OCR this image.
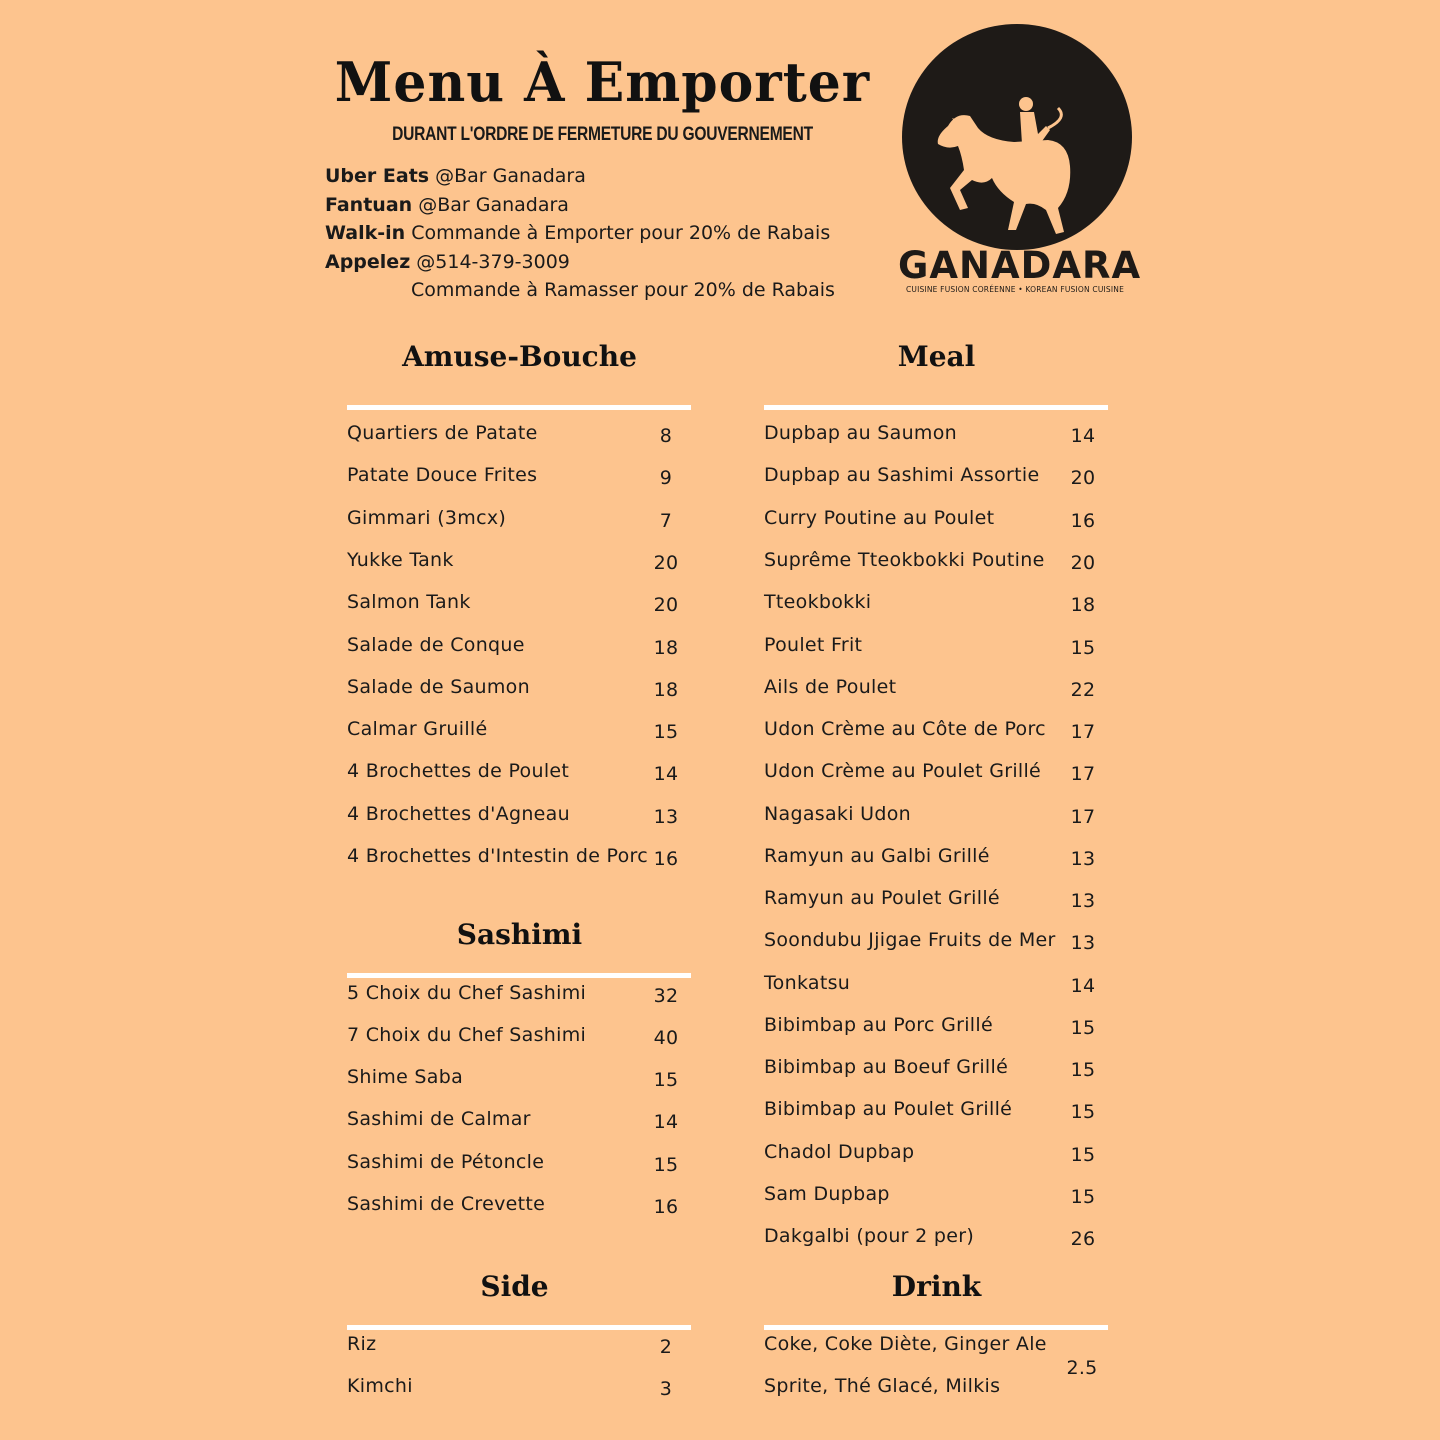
Menu À Emporter
DURANT L'ORDRE DE FERMETURE DU GOUVERNEMENT
Uber Eats @Bar Ganadara
Fantuan @Bar Ganadara
Walk-in Commande à Emporter pour 20% de Rabais
Appelez @514-379-3009
Commande à Ramasser pour 20% de Rabais
GANADARA
CUISINE FUSION CORÉENNE • KOREAN FUSION CUISINE
Amuse-Bouche
Sashimi
Side
Meal
Drink
Quartiers de Patate	8
Patate Douce Frites	9
Gimmari (3mcx)	7
Yukke Tank	20
Salmon Tank	20
Salade de Conque	18
Salade de Saumon	18
Calmar Gruillé	15
4 Brochettes de Poulet	14
4 Brochettes d'Agneau	13
4 Brochettes d'Intestin de Porc 16
5 Choix du Chef Sashimi	32
7 Choix du Chef Sashimi	40
Shime Saba	15
Sashimi de Calmar	14
Sashimi de Pétoncle	15
Sashimi de Crevette	16
Riz	2
Kimchi	3
Dupbap au Saumon	14
Dupbap au Sashimi Assortie	20
Curry Poutine au Poulet	16
Suprême Tteokbokki Poutine	20
Tteokbokki	18
Poulet Frit	15
Ails de Poulet	22
Udon Crème au Côte de Porc	17
Udon Crème au Poulet Grillé	17
Nagasaki Udon	17
Ramyun au Galbi Grillé	13
Ramyun au Poulet Grillé	13
Soondubu Jjigae Fruits de Mer 13
Tonkatsu	14
Bibimbap au Porc Grillé	15
Bibimbap au Boeuf Grillé	15
Bibimbap au Poulet Grillé	15
Chadol Dupbap	15
Sam Dupbap	15
Dakgalbi (pour 2 per)	26
Coke, Coke Diète, Ginger Ale
Sprite, Thé Glacé, Milkis
2.5
